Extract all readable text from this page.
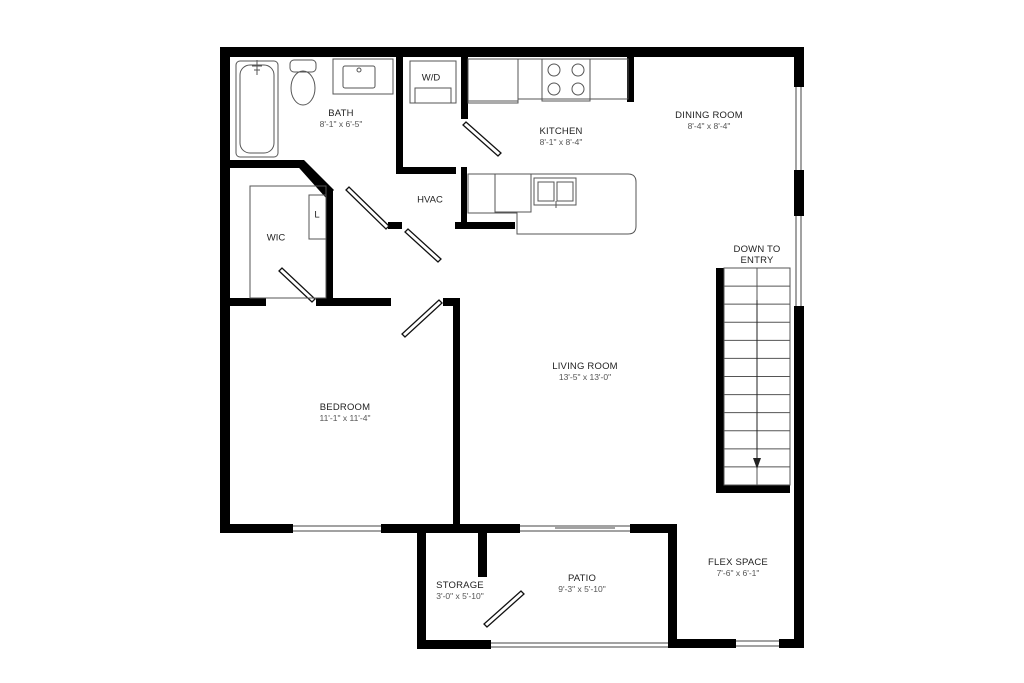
BATH
8'-1" x 6'-5"
KITCHEN
8'-1" x 8'-4"
DINING ROOM
8'-4" x 8'-4"
LIVING ROOM
13'-5" x 13'-0"
BEDROOM
11'-1" x 11'-4"
STORAGE
3'-0" x 5'-10"
PATIO
9'-3" x 5'-10"
FLEX SPACE
7'-6" x 6'-1"
W/D
HVAC
WIC
L
DOWN TO
ENTRY
